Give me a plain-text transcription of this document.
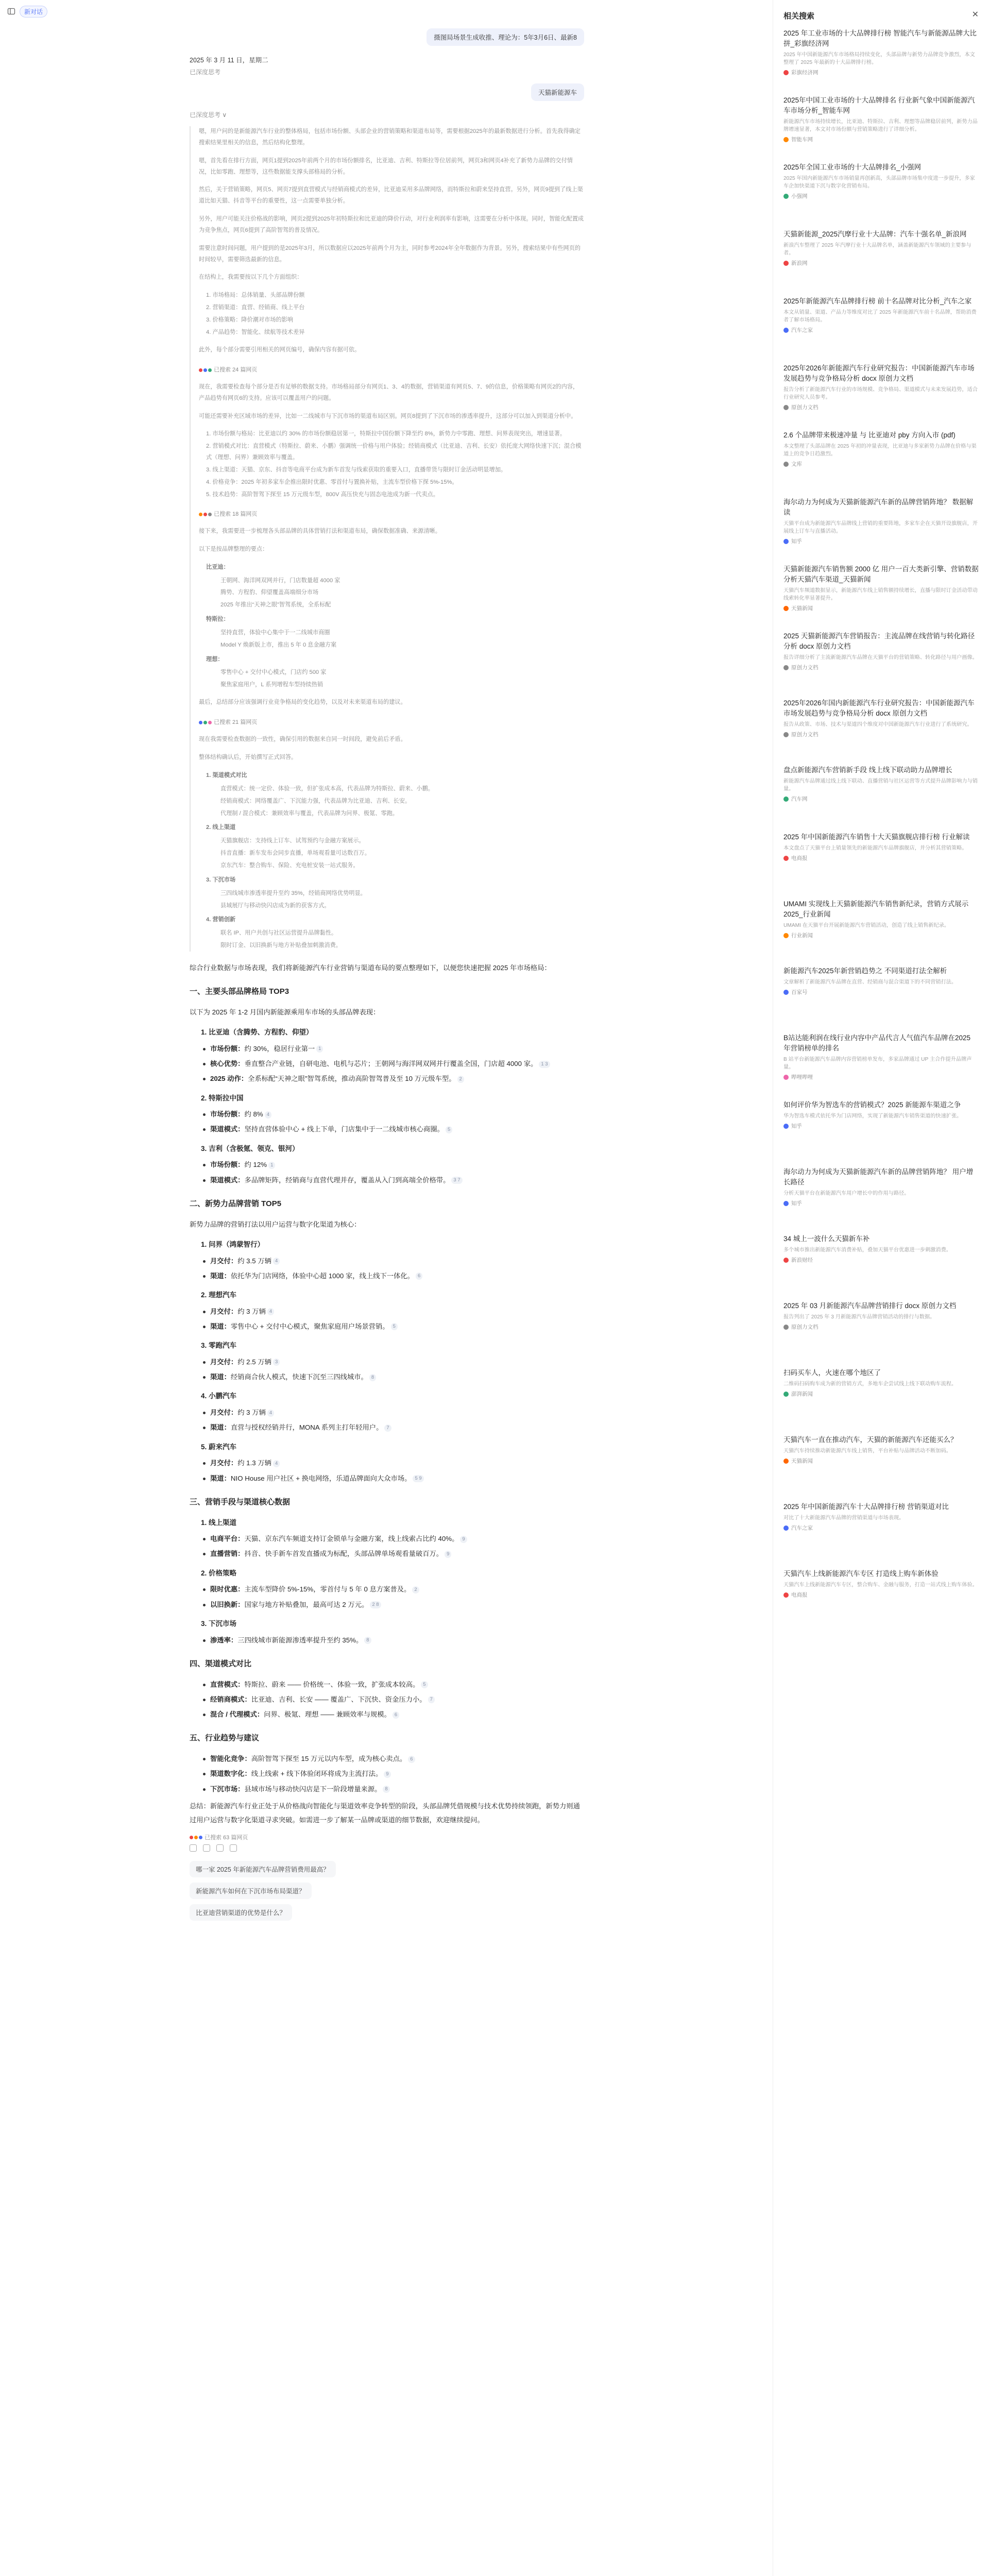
新对话
摄图局场景生成收推、理论为：5年3月6日、最新8
2025 年 3 月 11 日，星期二
已深度思考
天猫新能源车
已深度思考 ∨

嗯，用户问的是新能源汽车行业的整体格局，包括市场份额、头部企业的营销策略和渠道布局等，需要根据2025年的最新数据进行分析。首先我得确定搜索结果里相关的信息，然后结构化整理。

嗯，首先看在排行方面，网页1提到2025年前两个月的市场份额排名，比亚迪、吉利、特斯拉等位居前列，网页3和网页4补充了新势力品牌的交付情况，比如零跑、理想等，这些数据能支撑头部格局的分析。

然后，关于营销策略，网页5、网页7提到直营模式与经销商模式的差异，比亚迪采用多品牌网络，而特斯拉和蔚来坚持直营。另外，网页9提到了线上渠道比如天猫、抖音等平台的重要性，这一点需要单独分析。

另外，用户可能关注价格战的影响，网页2提到2025年初特斯拉和比亚迪的降价行动，对行业利润率有影响，这需要在分析中体现。同时，智能化配置成为竞争焦点，网页6提到了高阶智驾的普及情况。

需要注意时间问题，用户提到的是2025年3月，所以数据应以2025年前两个月为主，同时参考2024年全年数据作为背景。另外，搜索结果中有些网页的时间较早，需要筛选最新的信息。

在结构上，我需要按以下几个方面组织：

1. 市场格局：总体销量、头部品牌份额
2. 营销渠道：直营、经销商、线上平台
3. 价格策略：降价潮对市场的影响
4. 产品趋势：智能化、续航等技术差异

此外，每个部分需要引用相关的网页编号，确保内容有据可依。

已搜索 24 篇网页

现在，我需要检查每个部分是否有足够的数据支持。市场格局部分有网页1、3、4的数据，营销渠道有网页5、7、9的信息，价格策略有网页2的内容，产品趋势有网页6的支持。应该可以覆盖用户的问题。

可能还需要补充区域市场的差异，比如一二线城市与下沉市场的渠道布局区别。网页8提到了下沉市场的渗透率提升，这部分可以加入到渠道分析中。

1. 市场份额与格局：比亚迪以约 30% 的市场份额稳居第一，特斯拉中国份额下降至约 8%，新势力中零跑、理想、问界表现突出，增速显著。
2. 营销模式对比：直营模式（特斯拉、蔚来、小鹏）强调统一价格与用户体验；经销商模式（比亚迪、吉利、长安）依托庞大网络快速下沉；混合模式（理想、问界）兼顾效率与覆盖。
3. 线上渠道：天猫、京东、抖音等电商平台成为新车首发与线索获取的重要入口，直播带货与限时订金活动明显增加。
4. 价格竞争：2025 年初多家车企推出限时优惠、零首付与置换补贴，主流车型价格下探 5%-15%。
5. 技术趋势：高阶智驾下探至 15 万元级车型，800V 高压快充与固态电池成为新一代卖点。
已搜索 18 篇网页

接下来，我需要进一步梳理各头部品牌的具体营销打法和渠道布局，确保数据准确、来源清晰。

以下是按品牌整理的要点：

比亚迪：
王朝网、海洋网双网并行，门店数量超 4000 家
腾势、方程豹、仰望覆盖高端细分市场
2025 年推出“天神之眼”智驾系统，全系标配
特斯拉：
坚持直营，体验中心集中于一二线城市商圈
Model Y 焕新版上市，推出 5 年 0 息金融方案
理想：
零售中心 + 交付中心模式，门店约 500 家
聚焦家庭用户，L 系列增程车型持续热销

最后，总结部分应该强调行业竞争格局的变化趋势，以及对未来渠道布局的建议。

已搜索 21 篇网页

现在我需要检查数据的一致性，确保引用的数据来自同一时间段，避免前后矛盾。

整体结构确认后，开始撰写正式回答。

1. 渠道模式对比
直营模式：统一定价、体验一致，但扩张成本高，代表品牌为特斯拉、蔚来、小鹏。
经销商模式：网络覆盖广、下沉能力强，代表品牌为比亚迪、吉利、长安。
代理制 / 混合模式：兼顾效率与覆盖，代表品牌为问界、极氪、零跑。
2. 线上渠道
天猫旗舰店：支持线上订车、试驾预约与金融方案展示。
抖音直播：新车发布会同步直播，单场观看量可达数百万。
京东汽车：整合购车、保险、充电桩安装一站式服务。
3. 下沉市场
三四线城市渗透率提升至约 35%，经销商网络优势明显。
县域展厅与移动快闪店成为新的获客方式。
4. 营销创新
联名 IP、用户共创与社区运营提升品牌黏性。
限时订金、以旧换新与地方补贴叠加刺激消费。

综合行业数据与市场表现，我们将新能源汽车行业营销与渠道布局的要点整理如下，以便您快速把握 2025 年市场格局：

一、主要头部品牌格局 TOP3

以下为 2025 年 1-2 月国内新能源乘用车市场的头部品牌表现：

1. 比亚迪（含腾势、方程豹、仰望）
市场份额：约 30%，稳居行业第一 1
核心优势：垂直整合产业链，自研电池、电机与芯片；王朝网与海洋网双网并行覆盖全国，门店超 4000 家。 1 3
2025 动作：全系标配“天神之眼”智驾系统，推动高阶智驾普及至 10 万元级车型。 2
2. 特斯拉中国
市场份额：约 8% 4
渠道模式：坚持直营体验中心 + 线上下单，门店集中于一二线城市核心商圈。 5
3. 吉利（含极氪、领克、银河）
市场份额：约 12% 1
渠道模式：多品牌矩阵，经销商与直营代理并存，覆盖从入门到高端全价格带。 3 7
二、新势力品牌营销 TOP5

新势力品牌的营销打法以用户运营与数字化渠道为核心：

1. 问界（鸿蒙智行）
月交付：约 3.5 万辆 4
渠道：依托华为门店网络，体验中心超 1000 家，线上线下一体化。 6
2. 理想汽车
月交付：约 3 万辆 4
渠道：零售中心 + 交付中心模式，聚焦家庭用户场景营销。 5
3. 零跑汽车
月交付：约 2.5 万辆 3
渠道：经销商合伙人模式，快速下沉至三四线城市。 8
4. 小鹏汽车
月交付：约 3 万辆 4
渠道：直营与授权经销并行，MONA 系列主打年轻用户。 7
5. 蔚来汽车
月交付：约 1.3 万辆 4
渠道：NIO House 用户社区 + 换电网络，乐道品牌面向大众市场。 5 9
三、营销手段与渠道核心数据
1. 线上渠道
电商平台：天猫、京东汽车频道支持订金锁单与金融方案，线上线索占比约 40%。 9
直播营销：抖音、快手新车首发直播成为标配，头部品牌单场观看量破百万。 9
2. 价格策略
限时优惠：主流车型降价 5%-15%，零首付与 5 年 0 息方案普及。 2
以旧换新：国家与地方补贴叠加，最高可达 2 万元。 2 8
3. 下沉市场
渗透率：三四线城市新能源渗透率提升至约 35%。 8
四、渠道模式对比
直营模式：特斯拉、蔚来 —— 价格统一、体验一致，扩张成本较高。 5
经销商模式：比亚迪、吉利、长安 —— 覆盖广、下沉快、资金压力小。 7
混合 / 代理模式：问界、极氪、理想 —— 兼顾效率与规模。 6
五、行业趋势与建议
智能化竞争：高阶智驾下探至 15 万元以内车型，成为核心卖点。 6
渠道数字化：线上线索 + 线下体验闭环将成为主流打法。 9
下沉市场：县域市场与移动快闪店是下一阶段增量来源。 8

总结：新能源汽车行业正处于从价格战向智能化与渠道效率竞争转型的阶段，头部品牌凭借规模与技术优势持续领跑，新势力则通过用户运营与数字化渠道寻求突破。如需进一步了解某一品牌或渠道的细节数据，欢迎继续提问。

已搜索 63 篇网页
哪一家 2025 年新能源汽车品牌营销费用最高？
新能源汽车如何在下沉市场布局渠道？
比亚迪营销渠道的优势是什么？
相关搜索	✕
2025 年工业市场的十大品牌排行榜 智能汽车与新能源品牌大比拼_彩旗经济网
2025 年中国新能源汽车市场格局持续变化，头部品牌与新势力品牌竞争激烈，本文整理了 2025 年最新的十大品牌排行榜。
彩旗经济网
2025年中国工业市场的十大品牌排名 行业新气象中国新能源汽车市场分析_智能车网
新能源汽车市场持续增长，比亚迪、特斯拉、吉利、理想等品牌稳居前列，新势力品牌增速显著，本文对市场份额与营销策略进行了详细分析。
智能车网
2025年全国工业市场的十大品牌排名_小强网
2025 年国内新能源汽车市场销量再创新高，头部品牌市场集中度进一步提升，多家车企加快渠道下沉与数字化营销布局。
小强网
天猫新能源_2025汽摩行业十大品牌：汽车十强名单_新浪网
新浪汽车整理了 2025 年汽摩行业十大品牌名单，涵盖新能源汽车领域的主要参与者。
新浪网
2025年新能源汽车品牌排行榜 前十名品牌对比分析_汽车之家
本文从销量、渠道、产品力等维度对比了 2025 年新能源汽车前十名品牌，帮助消费者了解市场格局。
汽车之家
2025年2026年新能源汽车行业研究报告：中国新能源汽车市场发展趋势与竞争格局分析 docx 原创力文档
报告分析了新能源汽车行业的市场规模、竞争格局、渠道模式与未来发展趋势，适合行业研究人员参考。
原创力文档
2.6 个品牌带来极速冲量 与 比亚迪对 pby 方向入市 (pdf)
本文整理了头部品牌在 2025 年初的冲量表现，比亚迪与多家新势力品牌在价格与渠道上的竞争日趋激烈。
文库
海尔动力为何成为天猫新能源汽车新的品牌营销阵地？ 数据解读
天猫平台成为新能源汽车品牌线上营销的重要阵地，多家车企在天猫开设旗舰店，开展线上订车与直播活动。
知乎
天猫新能源汽车销售额 2000 亿 用户一百大类新引擎、营销数据分析天猫汽车渠道_天猫新闻
天猫汽车频道数据显示，新能源汽车线上销售额持续增长，直播与限时订金活动带动线索转化率显著提升。
天猫新闻
2025 天猫新能源汽车营销报告：主流品牌在线营销与转化路径分析 docx 原创力文档
报告详细分析了主流新能源汽车品牌在天猫平台的营销策略、转化路径与用户画像。
原创力文档
2025年2026年国内新能源汽车行业研究报告：中国新能源汽车市场发展趋势与竞争格局分析 docx 原创力文档
报告从政策、市场、技术与渠道四个维度对中国新能源汽车行业进行了系统研究。
原创力文档
盘点新能源汽车营销新手段 线上线下联动助力品牌增长
新能源汽车品牌通过线上线下联动、直播营销与社区运营等方式提升品牌影响力与销量。
汽车网
2025 年中国新能源汽车销售十大天猫旗舰店排行榜 行业解读
本文盘点了天猫平台上销量领先的新能源汽车品牌旗舰店，并分析其营销策略。
电商报
UMAMI 实现线上天猫新能源汽车销售新纪录，营销方式展示 2025_行业新闻
UMAMI 在天猫平台开展新能源汽车营销活动，创造了线上销售新纪录。
行业新闻
新能源汽车2025年新营销趋势之 不同渠道打法全解析
文章解析了新能源汽车品牌在直营、经销商与混合渠道下的不同营销打法。
百家号
B站达能利润在线行业内容中产品代言人气值汽车品牌在2025 年营销榜单的排名
B 站平台新能源汽车品牌内容营销榜单发布，多家品牌通过 UP 主合作提升品牌声量。
哔哩哔哩
如何评价华为智选车的营销模式？2025 新能源车渠道之争
华为智选车模式依托华为门店网络，实现了新能源汽车销售渠道的快速扩张。
知乎
海尔动力为何成为天猫新能源汽车新的品牌营销阵地？ 用户增长路径
分析天猫平台在新能源汽车用户增长中的作用与路径。
知乎
34 城上一波什么天猫新车补
多个城市推出新能源汽车消费补贴，叠加天猫平台优惠进一步刺激消费。
新浪财经
2025 年 03 月新能源汽车品牌营销排行 docx 原创力文档
报告列出了 2025 年 3 月新能源汽车品牌营销活动的排行与数据。
原创力文档
扫码买车人，火速在哪个地区了
二维码扫码购车成为新的营销方式，多地车企尝试线上线下联动购车流程。
澎湃新闻
天猫汽车一直在推动汽车，天猫的新能源汽车还能买么？
天猫汽车持续推动新能源汽车线上销售，平台补贴与品牌活动不断加码。
天猫新闻
2025 年中国新能源汽车十大品牌排行榜 营销渠道对比
对比了十大新能源汽车品牌的营销渠道与市场表现。
汽车之家
天猫汽车上线新能源汽车专区 打造线上购车新体验
天猫汽车上线新能源汽车专区，整合购车、金融与服务，打造一站式线上购车体验。
电商报
